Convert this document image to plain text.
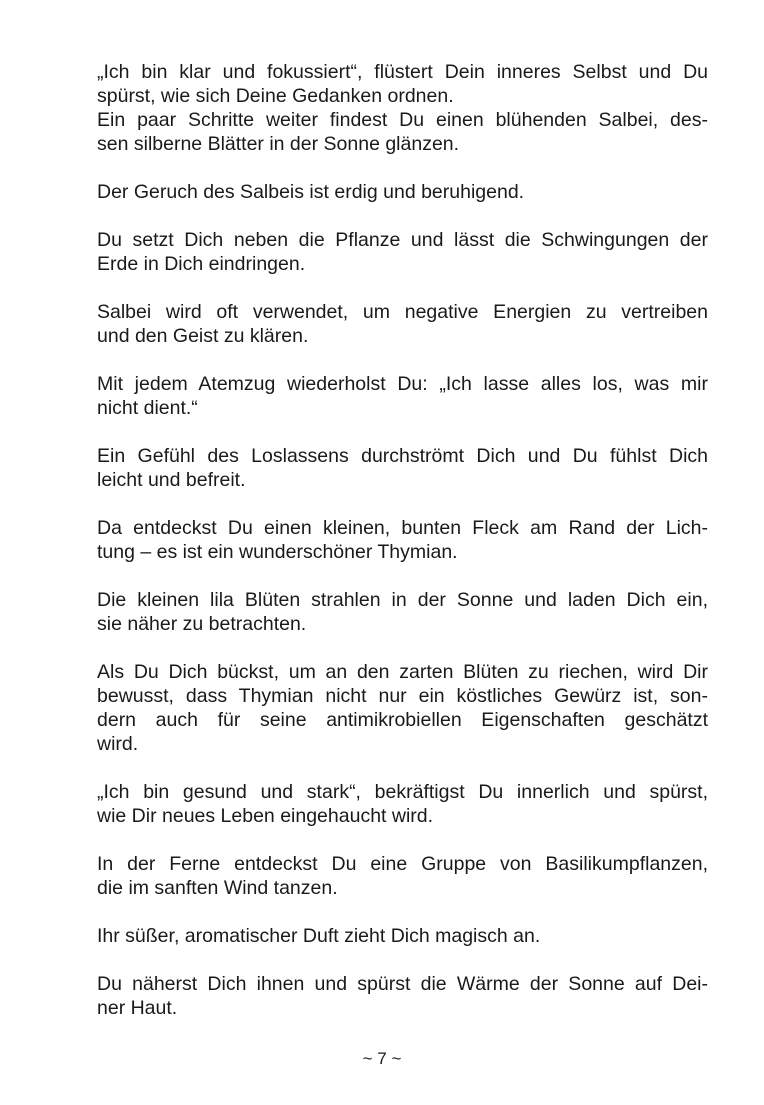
„Ich bin klar und fokussiert“, flüstert Dein inneres Selbst und Du
spürst, wie sich Deine Gedanken ordnen.
Ein paar Schritte weiter findest Du einen blühenden Salbei, des-
sen silberne Blätter in der Sonne glänzen.

Der Geruch des Salbeis ist erdig und beruhigend.

Du setzt Dich neben die Pflanze und lässt die Schwingungen der
Erde in Dich eindringen.

Salbei wird oft verwendet, um negative Energien zu vertreiben
und den Geist zu klären.

Mit jedem Atemzug wiederholst Du: „Ich lasse alles los, was mir
nicht dient.“

Ein Gefühl des Loslassens durchströmt Dich und Du fühlst Dich
leicht und befreit.

Da entdeckst Du einen kleinen, bunten Fleck am Rand der Lich-
tung – es ist ein wunderschöner Thymian.

Die kleinen lila Blüten strahlen in der Sonne und laden Dich ein,
sie näher zu betrachten.

Als Du Dich bückst, um an den zarten Blüten zu riechen, wird Dir
bewusst, dass Thymian nicht nur ein köstliches Gewürz ist, son-
dern auch für seine antimikrobiellen Eigenschaften geschätzt
wird.

„Ich bin gesund und stark“, bekräftigst Du innerlich und spürst,
wie Dir neues Leben eingehaucht wird.

In der Ferne entdeckst Du eine Gruppe von Basilikumpflanzen,
die im sanften Wind tanzen.

Ihr süßer, aromatischer Duft zieht Dich magisch an.

Du näherst Dich ihnen und spürst die Wärme der Sonne auf Dei-
ner Haut.

~ 7 ~
